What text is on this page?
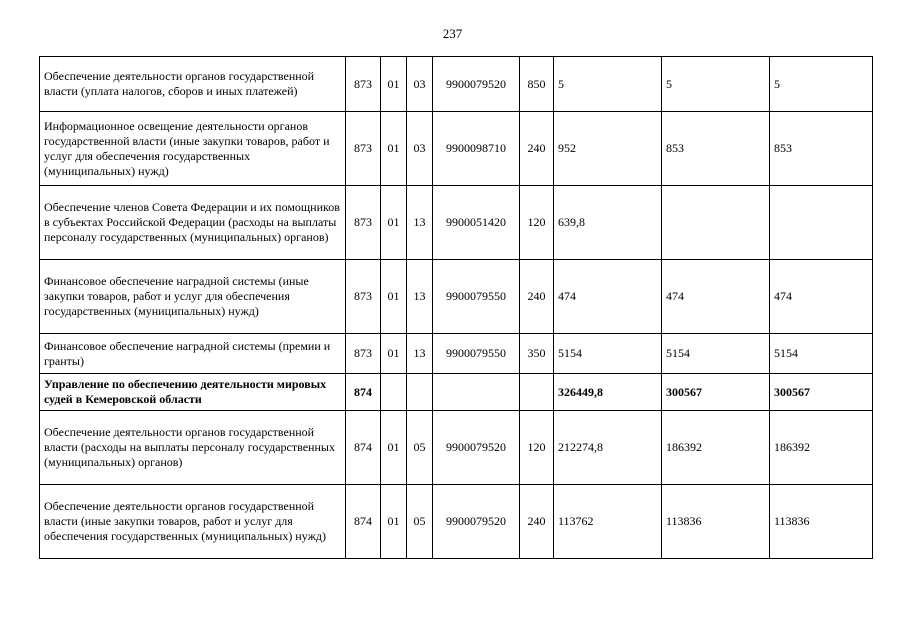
237
Обеспечение деятельности органов государственной власти (уплата налогов, сборов и иных платежей)	873	01	03	9900079520	850	5	5	5
Информационное освещение деятельности органов государственной власти (иные закупки товаров, работ и услуг для обеспечения государственных (муниципальных) нужд)	873	01	03	9900098710	240	952	853	853
Обеспечение членов Совета Федерации и их помощников в субъектах Российской Федерации (расходы на выплаты персоналу государственных (муниципальных) органов)	873	01	13	9900051420	120	639,8		
Финансовое обеспечение наградной системы (иные закупки товаров, работ и услуг для обеспечения государственных (муниципальных) нужд)	873	01	13	9900079550	240	474	474	474
Финансовое обеспечение наградной системы (премии и гранты)	873	01	13	9900079550	350	5154	5154	5154
Управление по обеспечению деятельности мировых судей в Кемеровской области	874					326449,8	300567	300567
Обеспечение деятельности органов государственной власти (расходы на выплаты персоналу государственных (муниципальных) органов)	874	01	05	9900079520	120	212274,8	186392	186392
Обеспечение деятельности органов государственной власти (иные закупки товаров, работ и услуг для обеспечения государственных (муниципальных) нужд)	874	01	05	9900079520	240	113762	113836	113836
